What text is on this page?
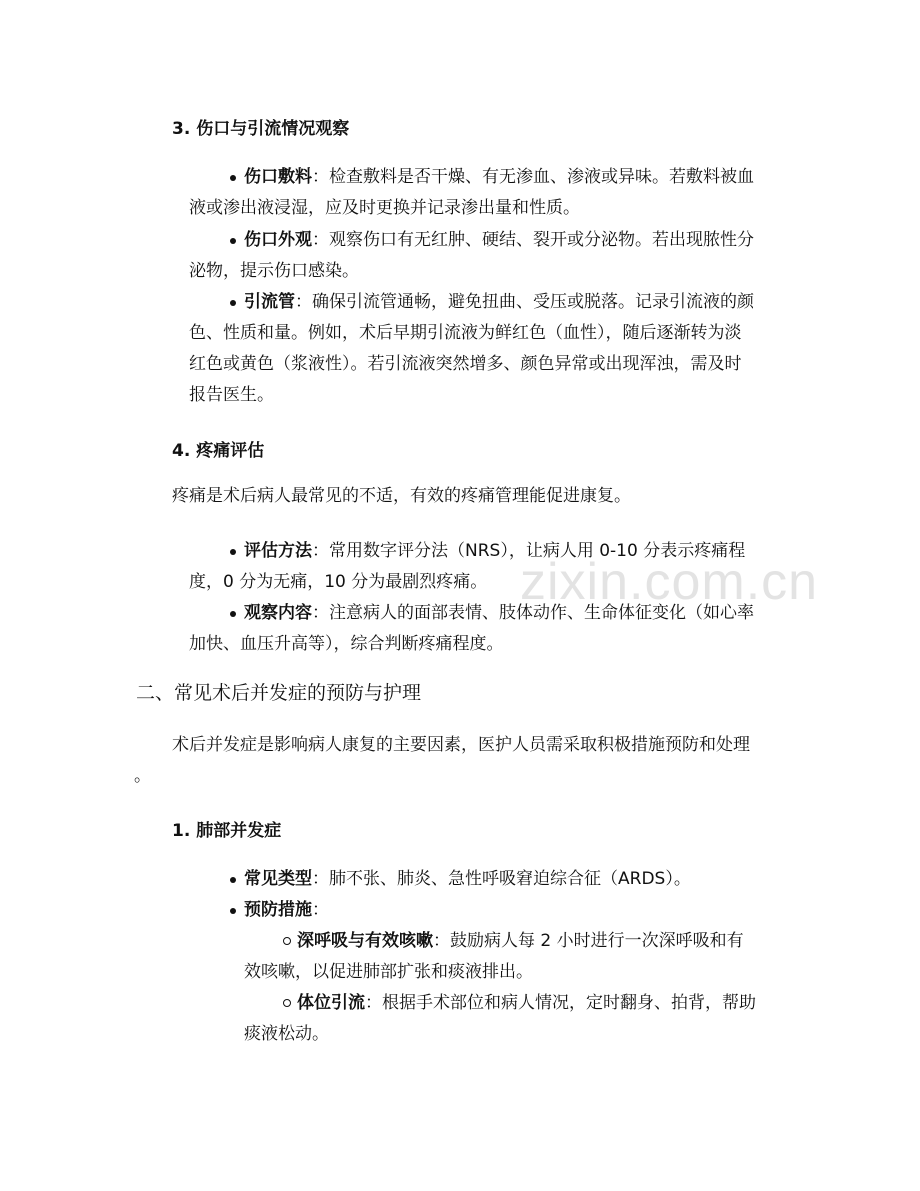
zixin.com.cn
3. 伤口与引流情况观察
伤口敷料：检查敷料是否干燥、有无渗血、渗液或异味。若敷料被血
液或渗出液浸湿，应及时更换并记录渗出量和性质。
伤口外观：观察伤口有无红肿、硬结、裂开或分泌物。若出现脓性分
泌物，提示伤口感染。
引流管：确保引流管通畅，避免扭曲、受压或脱落。记录引流液的颜
色、性质和量。例如，术后早期引流液为鲜红色（血性），随后逐渐转为淡
红色或黄色（浆液性）。若引流液突然增多、颜色异常或出现浑浊，需及时
报告医生。
4. 疼痛评估
疼痛是术后病人最常见的不适，有效的疼痛管理能促进康复。
评估方法：常用数字评分法（NRS），让病人用 0-10 分表示疼痛程
度，0 分为无痛，10 分为最剧烈疼痛。
观察内容：注意病人的面部表情、肢体动作、生命体征变化（如心率
加快、血压升高等），综合判断疼痛程度。
二、常见术后并发症的预防与护理
术后并发症是影响病人康复的主要因素，医护人员需采取积极措施预防和处理
。
1. 肺部并发症
常见类型：肺不张、肺炎、急性呼吸窘迫综合征（ARDS）。
预防措施：
深呼吸与有效咳嗽：鼓励病人每 2 小时进行一次深呼吸和有
效咳嗽，以促进肺部扩张和痰液排出。
体位引流：根据手术部位和病人情况，定时翻身、拍背，帮助
痰液松动。
